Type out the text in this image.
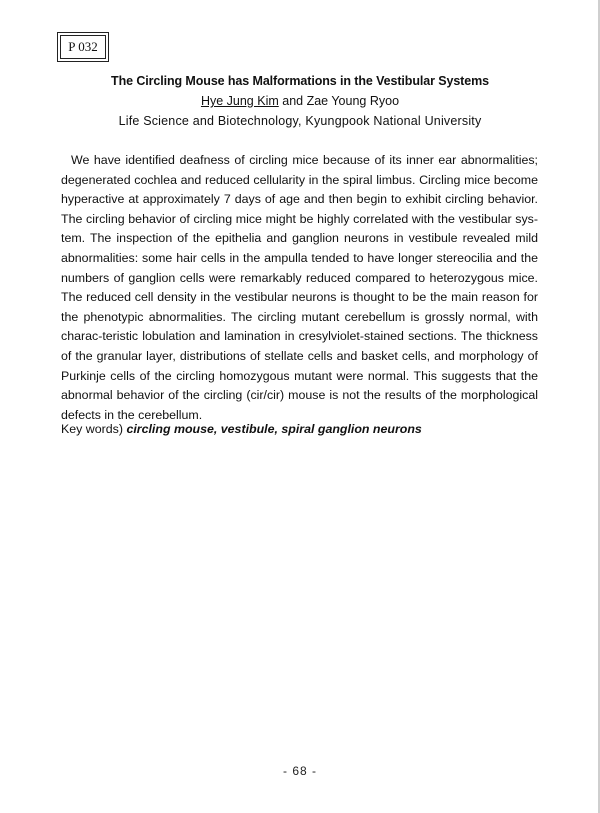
P 032
The Circling Mouse has Malformations in the Vestibular Systems
Hye Jung Kim and Zae Young Ryoo
Life Science and Biotechnology, Kyungpook National University

We have identified deafness of circling mice because of its inner ear abnormalities; degenerated cochlea and reduced cellularity in the spiral limbus. Circling mice become hyperactive at approximately 7 days of age and then begin to exhibit circling behavior. The circling behavior of circling mice might be highly correlated with the vestibular sys-tem. The inspection of the epithelia and ganglion neurons in vestibule revealed mild abnormalities: some hair cells in the ampulla tended to have longer stereocilia and the numbers of ganglion cells were remarkably reduced compared to heterozygous mice. The reduced cell density in the vestibular neurons is thought to be the main reason for the phenotypic abnormalities. The circling mutant cerebellum is grossly normal, with charac-teristic lobulation and lamination in cresylviolet-stained sections. The thickness of the granular layer, distributions of stellate cells and basket cells, and morphology of Purkinje cells of the circling homozygous mutant were normal. This suggests that the abnormal behavior of the circling (cir/cir) mouse is not the results of the morphological defects in the cerebellum.

Key words) circling mouse, vestibule, spiral ganglion neurons
- 68 -
